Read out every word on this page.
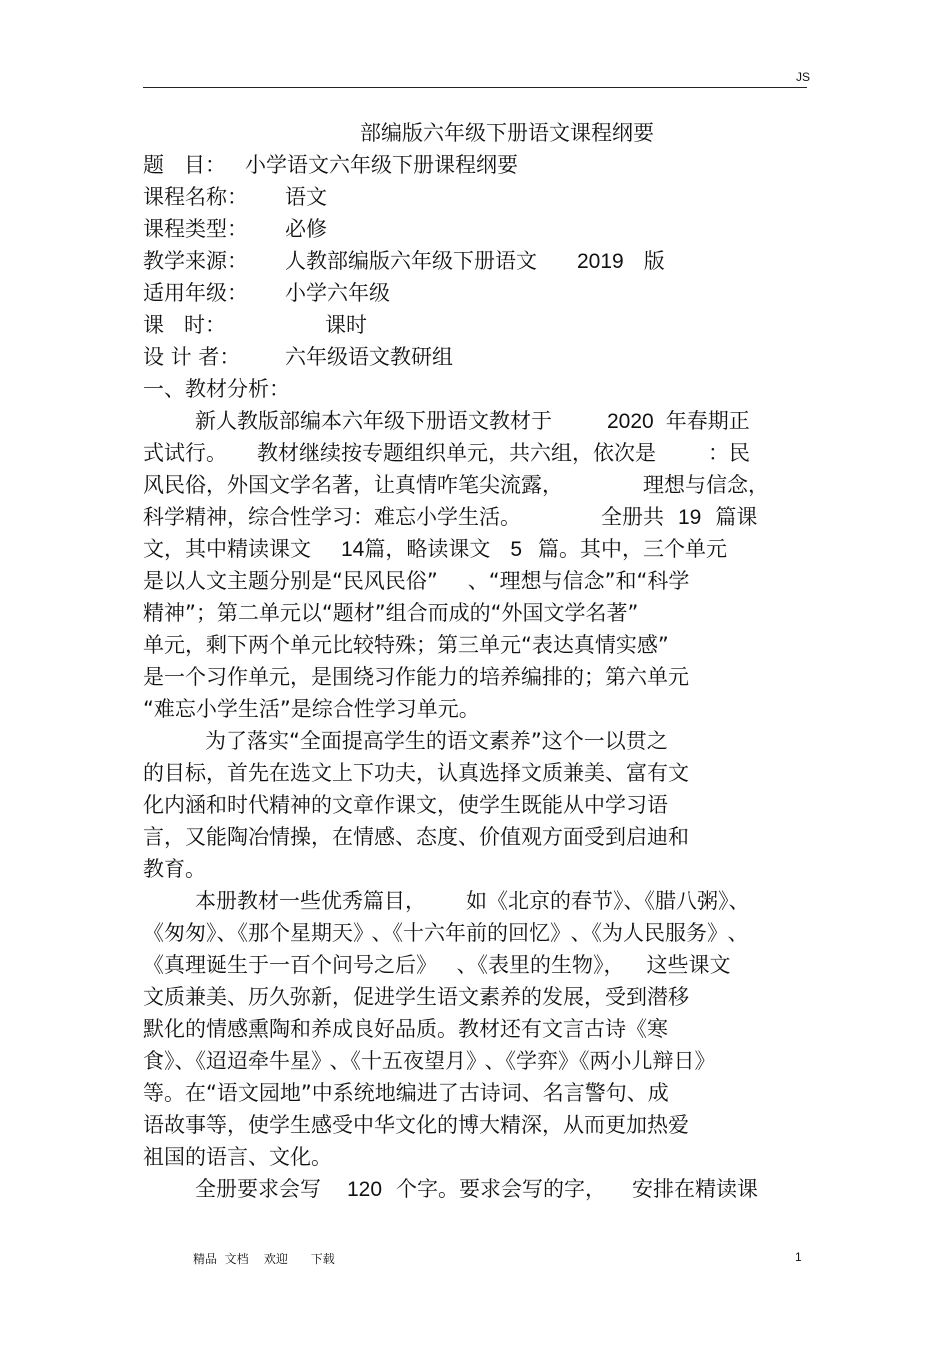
JS
部编版六年级下册语文课程纲要
题   目： 小学语文六年级下册课程纲要
课程名称： 语文
课程类型： 必修
教学来源： 人教部编版六年级下册语文 2019 版
适用年级： 小学六年级
课   时：	课时
设 计 者： 六年级语文教研组
一、教材分析：
新人教版部编本六年级下册语文教材于	2020 年春期正
式试行。 教材继续按专题组织单元，共六组，依次是 ：民
风民俗，外国文学名著，让真情咋笔尖流露，	理想与信念，
科学精神，综合性学习：难忘小学生活。	全册共 19 篇课
文，其中精读课文 14篇，略读课文 5 篇。其中，三个单元
是以人文主题分别是“民风民俗” 、“理想与信念”和“科学
精神”；第二单元以“题材”组合而成的“外国文学名著”
单元，剩下两个单元比较特殊；第三单元“表达真情实感”
是一个习作单元，是围绕习作能力的培养编排的；第六单元
“难忘小学生活”是综合性学习单元。
为了落实“全面提高学生的语文素养”这个一以贯之
的目标，首先在选文上下功夫，认真选择文质兼美、富有文
化内涵和时代精神的文章作课文，使学生既能从中学习语
言，又能陶冶情操，在情感、态度、价值观方面受到启迪和
教育。
本册教材一些优秀篇目， 如《北京的春节》、《腊八粥》、
《匆匆》、《那个星期天》 、《十六年前的回忆》 、《为人民服务》 、
《真理诞生于一百个问号之后》 、《表里的生物》， 这些课文
文质兼美、历久弥新，促进学生语文素养的发展，受到潜移
默化的情感熏陶和养成良好品质。教材还有文言古诗《寒
食》、《迢迢牵牛星》 、《十五夜望月》 、《学弈》《两小儿辩日》
等。在“语文园地”中系统地编进了古诗词、名言警句、成
语故事等，使学生感受中华文化的博大精深，从而更加热爱
祖国的语言、文化。
全册要求会写 120 个字。要求会写的字， 安排在精读课
精品  文档    欢迎      下载	1
